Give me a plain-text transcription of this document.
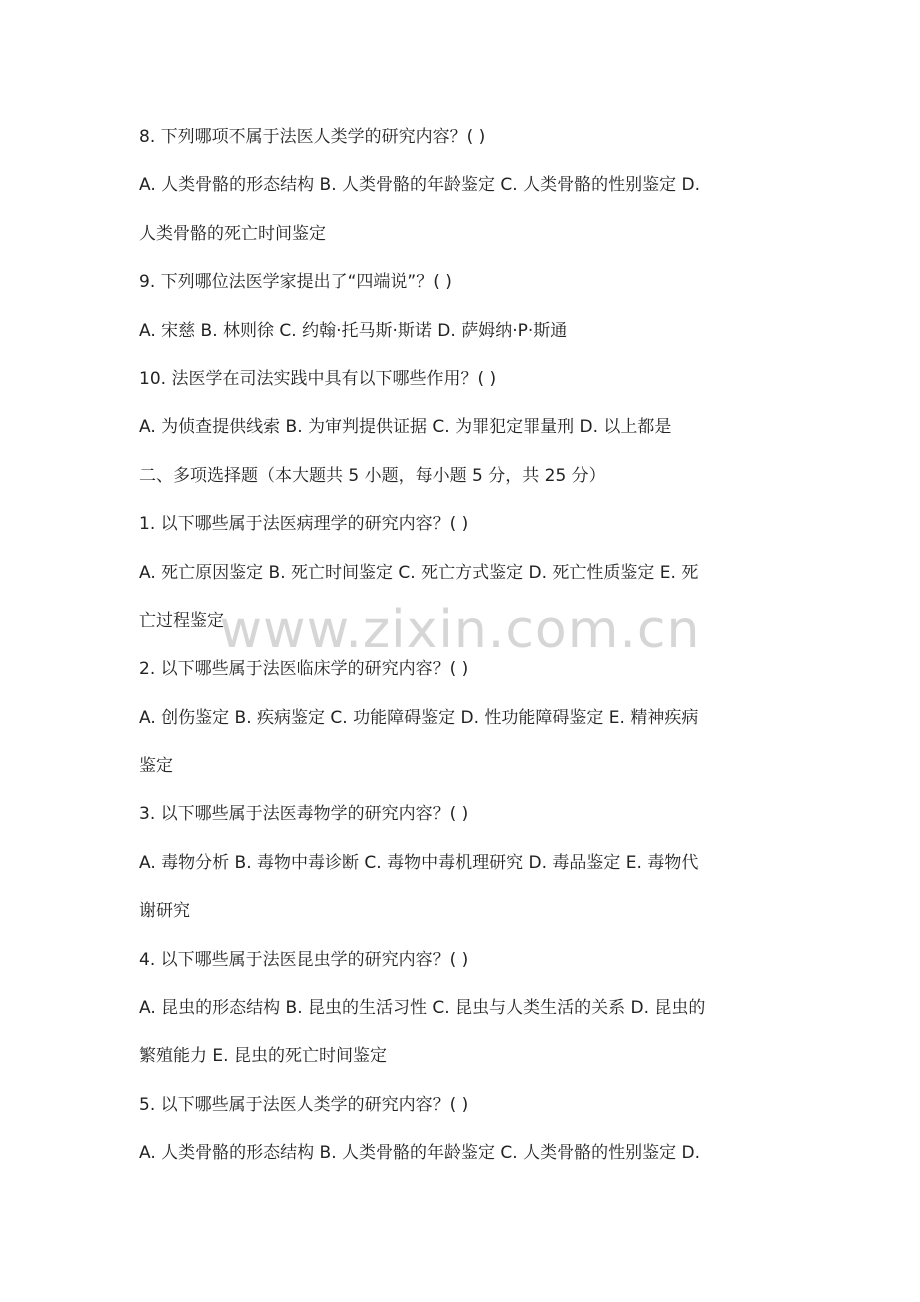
8. 下列哪项不属于法医人类学的研究内容？( )
A. 人类骨骼的形态结构 B. 人类骨骼的年龄鉴定 C. 人类骨骼的性别鉴定 D.
人类骨骼的死亡时间鉴定
9. 下列哪位法医学家提出了“四端说”？( )
A. 宋慈 B. 林则徐 C. 约翰·托马斯·斯诺 D. 萨姆纳·P·斯通
10. 法医学在司法实践中具有以下哪些作用？( )
A. 为侦查提供线索 B. 为审判提供证据 C. 为罪犯定罪量刑 D. 以上都是
二、多项选择题（本大题共 5 小题，每小题 5 分，共 25 分）
1. 以下哪些属于法医病理学的研究内容？( )
A. 死亡原因鉴定 B. 死亡时间鉴定 C. 死亡方式鉴定 D. 死亡性质鉴定 E. 死
亡过程鉴定
2. 以下哪些属于法医临床学的研究内容？( )
A. 创伤鉴定 B. 疾病鉴定 C. 功能障碍鉴定 D. 性功能障碍鉴定 E. 精神疾病
鉴定
3. 以下哪些属于法医毒物学的研究内容？( )
A. 毒物分析 B. 毒物中毒诊断 C. 毒物中毒机理研究 D. 毒品鉴定 E. 毒物代
谢研究
4. 以下哪些属于法医昆虫学的研究内容？( )
A. 昆虫的形态结构 B. 昆虫的生活习性 C. 昆虫与人类生活的关系 D. 昆虫的
繁殖能力 E. 昆虫的死亡时间鉴定
5. 以下哪些属于法医人类学的研究内容？( )
A. 人类骨骼的形态结构 B. 人类骨骼的年龄鉴定 C. 人类骨骼的性别鉴定 D.
www.zixin.com.cn
